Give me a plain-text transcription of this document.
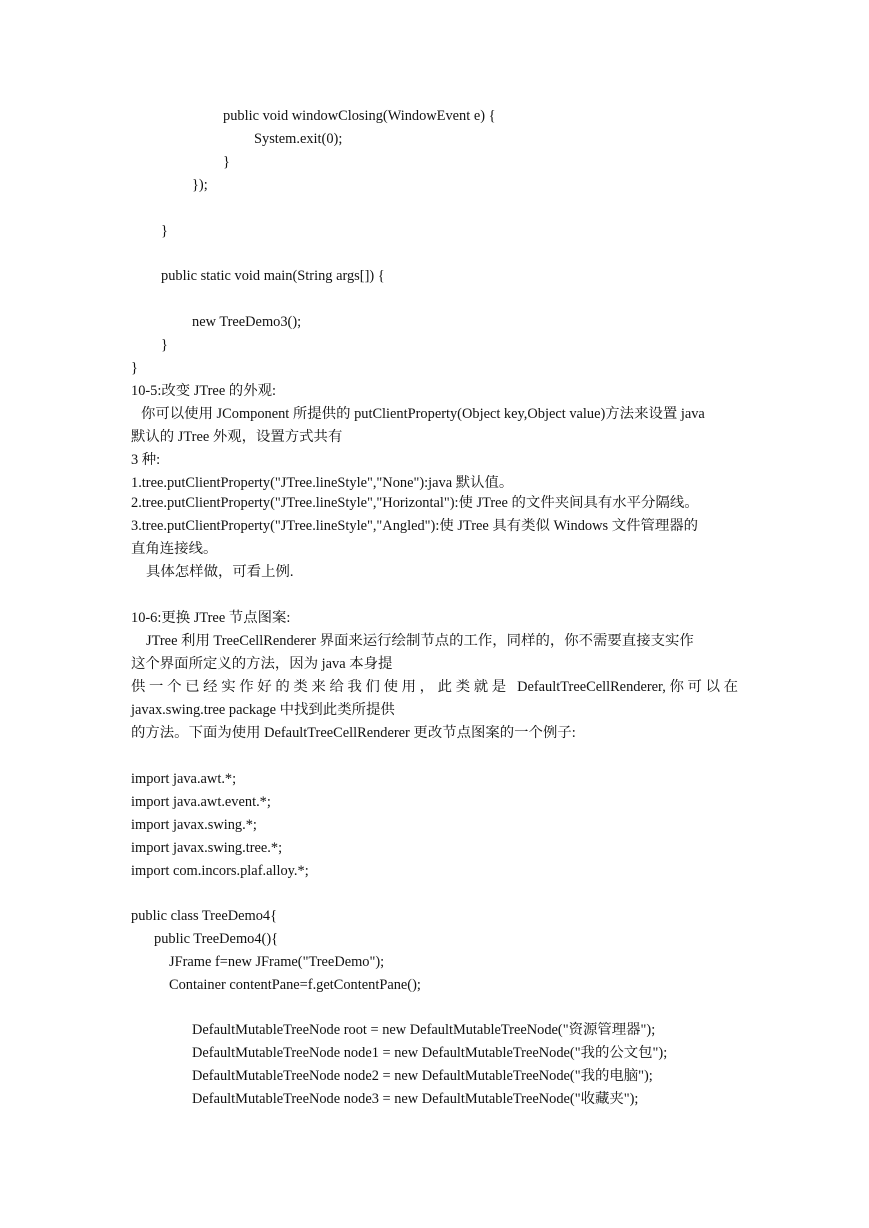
public void windowClosing(WindowEvent e) {
System.exit(0);
}
});
}
public static void main(String args[]) {
new TreeDemo3();
}
}
10-5:改变 JTree 的外观:
你可以使用 JComponent 所提供的 putClientProperty(Object key,Object value)方法来设置 java
默认的 JTree 外观，设置方式共有
3 种:
1.tree.putClientProperty("JTree.lineStyle","None"):java 默认值。
2.tree.putClientProperty("JTree.lineStyle","Horizontal"):使 JTree 的文件夹间具有水平分隔线。
3.tree.putClientProperty("JTree.lineStyle","Angled"):使 JTree 具有类似 Windows 文件管理器的
直角连接线。
具体怎样做，可看上例.
10-6:更换 JTree 节点图案:
JTree 利用 TreeCellRenderer 界面来运行绘制节点的工作，同样的，你不需要直接支实作
这个界面所定义的方法，因为 java 本身提
供一个已经实作好的类来给我们使用，此类就是 DefaultTreeCellRenderer,你可以在
javax.swing.tree package 中找到此类所提供
的方法。下面为使用 DefaultTreeCellRenderer 更改节点图案的一个例子:
import java.awt.*;
import java.awt.event.*;
import javax.swing.*;
import javax.swing.tree.*;
import com.incors.plaf.alloy.*;
public class TreeDemo4{
public TreeDemo4(){
JFrame f=new JFrame("TreeDemo");
Container contentPane=f.getContentPane();
DefaultMutableTreeNode root = new DefaultMutableTreeNode("资源管理器");
DefaultMutableTreeNode node1 = new DefaultMutableTreeNode("我的公文包");
DefaultMutableTreeNode node2 = new DefaultMutableTreeNode("我的电脑");
DefaultMutableTreeNode node3 = new DefaultMutableTreeNode("收藏夹");
